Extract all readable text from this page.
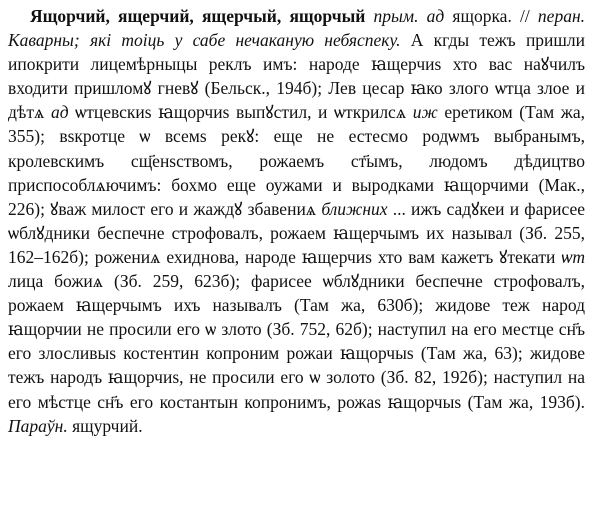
Ящорчий, ящерчий, ящерчый, ящорчый прым. ад ящорка. // перан. Каварны; які тоіць у сабе нечаканую небяспеку. А кгды тежъ пришли ипокрити лицемѣрныцы реклъ имъ: народе ꙗщерчиѕ хто вас наꙋчилъ входити пришломꙋ гневꙋ (Бельск., 194б); Лев цесар ꙗко злого ѡтца злое и дѣтѧ ад ѡтцевскиѕ ꙗщорчиѕ выпꙋстил, и ѡткрилсѧ иж еретиком (Там жа, 355); вѕкротце ѡ всемѕ рекꙋ: еще не естесмо родѡмъ выбранымъ, кролевскимъ сщ҃енѕствомъ, рожаемъ ст҃ымъ, людомъ дѣдицтво приспособлѧючимъ: бохмо еще оужами и выродками ꙗщорчими (Мак., 226); ꙋваж милост его и жаждꙋ збавениѧ ближних ... ижъ садꙋкеи и фарисее ѡблꙋдники беспечне строфовалъ, рожаем ꙗщерчымъ их называл (Зб. 255, 162–162б); рожениѧ ехиднова, народе ꙗщерчиѕ хто вам кажетъ ꙋтекати ѡт лица божиѧ (Зб. 259, 623б); фарисее ѡблꙋдники беспечне строфовалъ, рожаем ꙗщерчымъ ихъ называлъ (Там жа, 630б); жидове теж народ ꙗщорчии не просили его ѡ злото (Зб. 752, 62б); наступил на его местце сн҃ъ его злосливыѕ костентин копроним рожаи ꙗщорчыѕ (Там жа, 63); жидове тежъ народъ ꙗщорчиѕ, не просили его ѡ золото (Зб. 82, 192б); наступил на его мѣстце сн҃ъ его костантын копронимъ, рожаѕ ꙗщорчыѕ (Там жа, 193б). Параўн. ящурчий.
